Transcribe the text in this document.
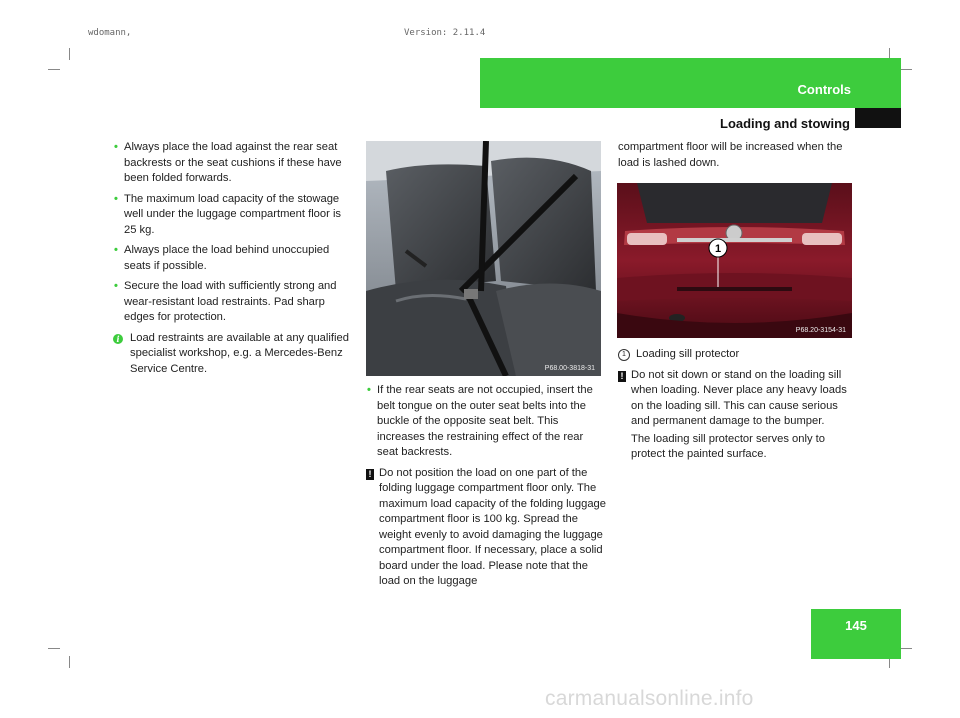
wdomann,	Version: 2.11.4
Controls
Loading and stowing
• Always place the load against the rear seat backrests or the seat cushions if these have been folded forwards.
• The maximum load capacity of the stowage well under the luggage compartment floor is 25 kg.
• Always place the load behind unoccupied seats if possible.
• Secure the load with sufficiently strong and wear-resistant load restraints. Pad sharp edges for protection.
i Load restraints are available at any qualified specialist workshop, e.g. a Mercedes-Benz Service Centre.	P68.00-3818-31
• If the rear seats are not occupied, insert the belt tongue on the outer seat belts into the buckle of the opposite seat belt. This increases the restraining effect of the rear seat backrests.
! Do not position the load on one part of the folding luggage compartment floor only. The maximum load capacity of the folding luggage compartment floor is 100 kg. Spread the weight evenly to avoid damaging the luggage compartment floor. If necessary, place a solid board under the load. Please note that the load on the luggage

compartment floor will be increased when the load is lashed down.

1
P68.20-3154-31

1 Loading sill protector

! Do not sit down or stand on the loading sill when loading. Never place any heavy loads on the loading sill. This can cause serious and permanent damage to the bumper.

The loading sill protector serves only to protect the painted surface.

145
carmanualsonline.info
